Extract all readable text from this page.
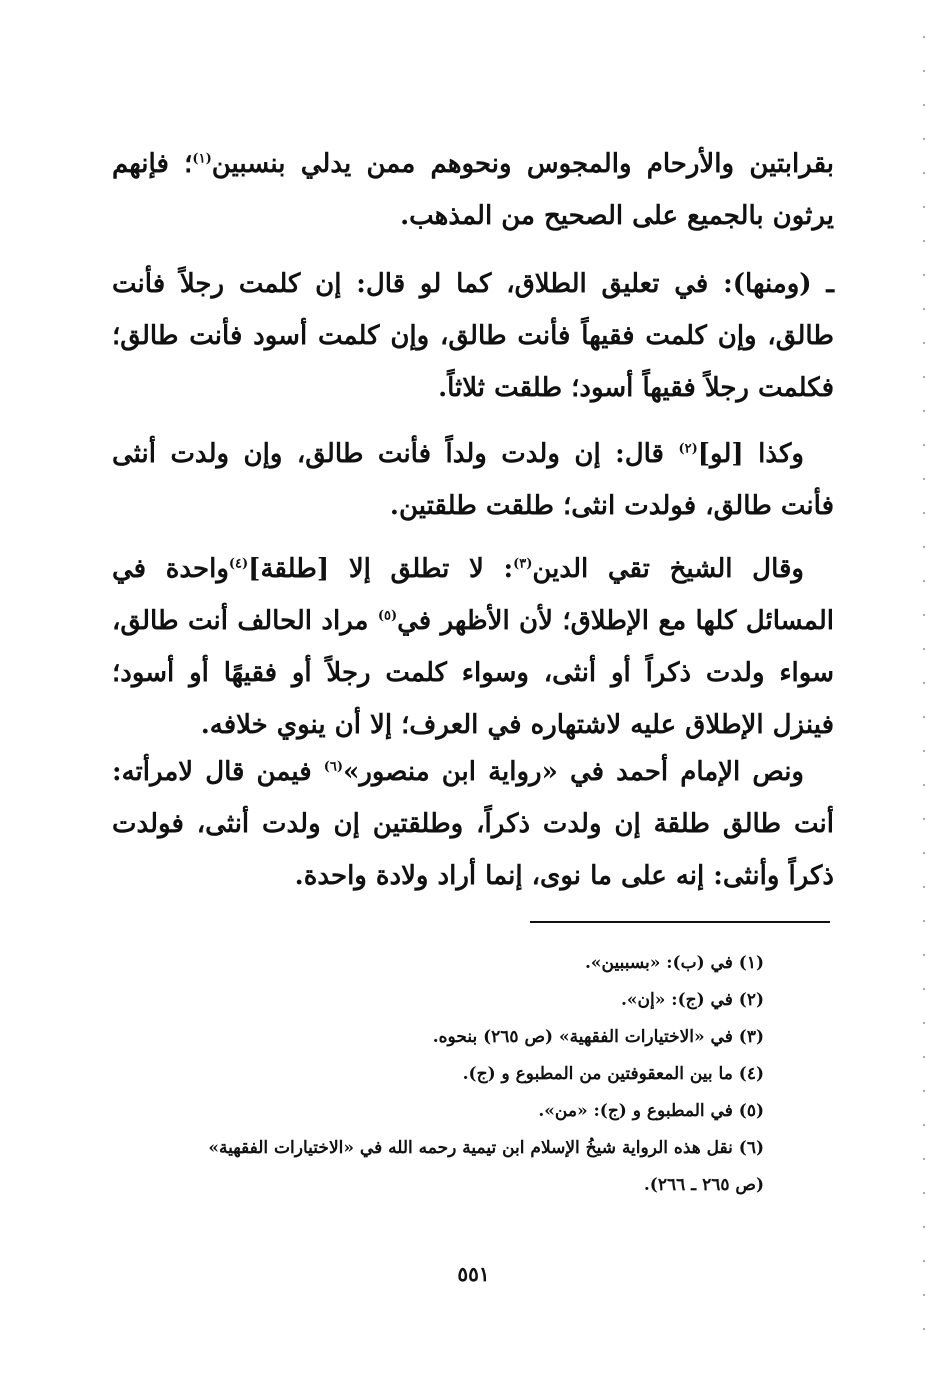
بقرابتين والأرحام والمجوس ونحوهم ممن يدلي بنسبين$^{(١)}$؛ فإنهم يرثون بالجميع على الصحيح من المذهب.

ـ (ومنها): في تعليق الطلاق، كما لو قال: إن كلمت رجلاً فأنت طالق، وإن كلمت فقيهاً فأنت طالق، وإن كلمت أسود فأنت طالق؛ فكلمت رجلاً فقيهاً أسود؛ طلقت ثلاثاً.

وكذا [لو]$^{(٢)}$ قال: إن ولدت ولداً فأنت طالق، وإن ولدت أنثى فأنت طالق، فولدت انثى؛ طلقت طلقتين.

وقال الشيخ تقي الدين$^{(٣)}$: لا تطلق إلا [طلقة]$^{(٤)}$واحدة في المسائل كلها مع الإطلاق؛ لأن الأظهر في$^{(٥)}$ مراد الحالف أنت طالق، سواء ولدت ذكراً أو أنثى، وسواء كلمت رجلاً أو فقيهًا أو أسود؛ فينزل الإطلاق عليه لاشتهاره في العرف؛ إلا أن ينوي خلافه.

ونص الإمام أحمد في «رواية ابن منصور»$^{(٦)}$ فيمن قال لامرأته: أنت طالق طلقة إن ولدت ذكراً، وطلقتين إن ولدت أنثى، فولدت ذكراً وأنثى: إنه على ما نوى، إنما أراد ولادة واحدة.

(١) في (ب): «بسببين».

(٢) في (ج): «إن».

(٣) في «الاختيارات الفقهية» (ص ٢٦٥) بنحوه.

(٤) ما بين المعقوفتين من المطبوع و (ج).

(٥) في المطبوع و (ج): «من».

(٦) نقل هذه الرواية شيخُ الإسلام ابن تيمية رحمه الله في «الاختيارات الفقهية»

(ص ٢٦٥ ـ ٢٦٦).

٥٥١
